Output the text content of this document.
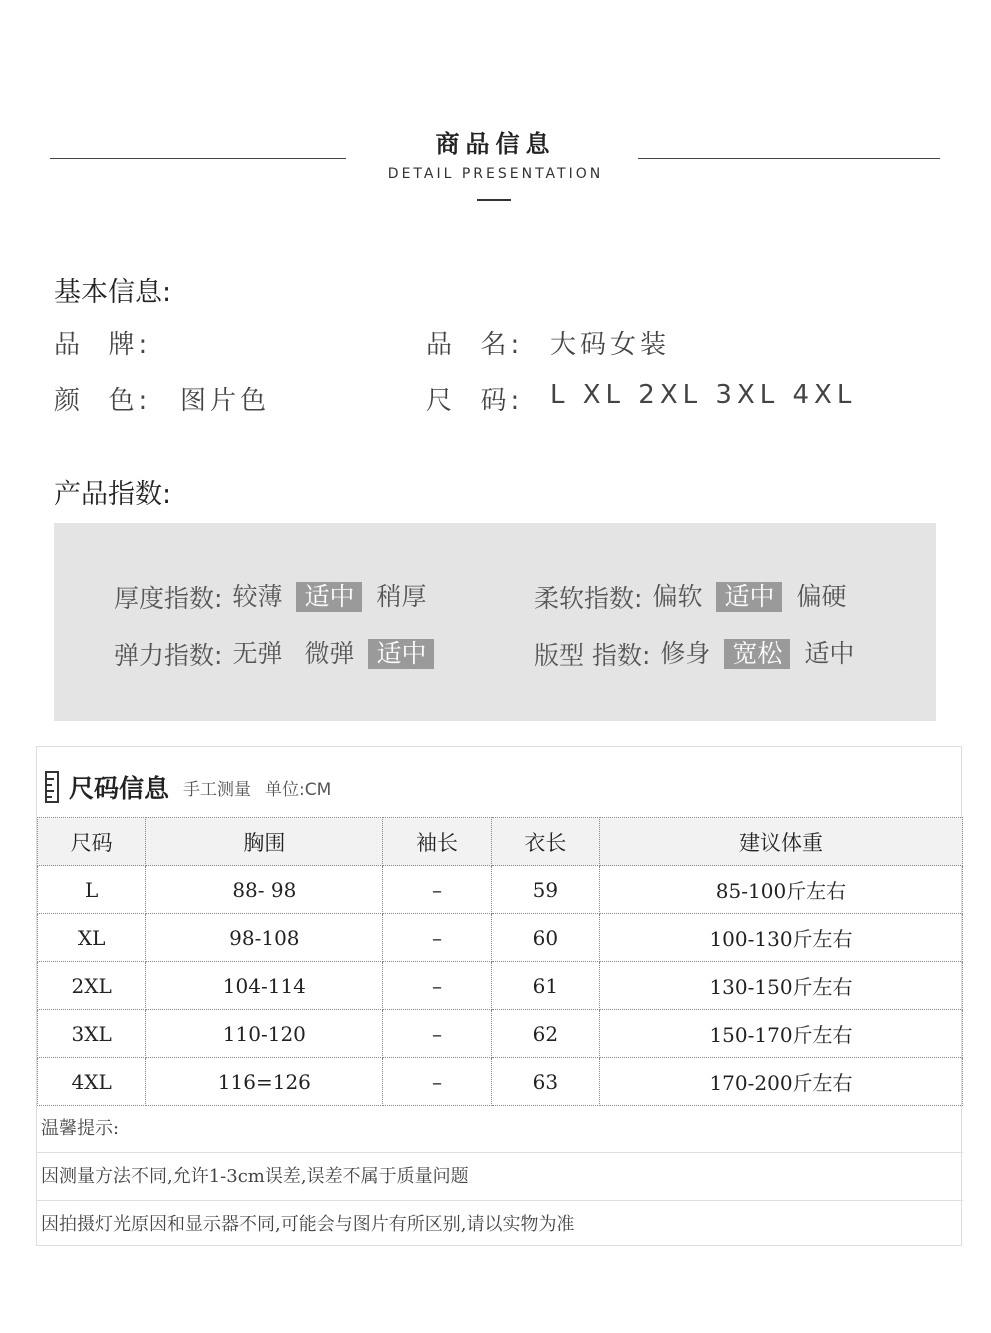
商品信息
DETAIL PRESENTATION
基本信息:
品  牌:	品  名: 大码女装
颜  色: 图片色	尺  码: L XL 2XL 3XL 4XL
产品指数:
厚度指数: 较薄 适中 稍厚	柔软指数: 偏软 适中 偏硬
弹力指数: 无弹 微弹 适中	版型 指数: 修身 宽松 适中
尺码信息 手工测量 单位:CM
尺码	胸围	袖长	衣长	建议体重
L	88- 98	–	59	85-100斤左右
XL	98-108	–	60	100-130斤左右
2XL	104-114	–	61	130-150斤左右
3XL	110-120	–	62	150-170斤左右
4XL	116=126	–	63	170-200斤左右
温馨提示:
因测量方法不同,允许1-3cm误差,误差不属于质量问题
因拍摄灯光原因和显示器不同,可能会与图片有所区别,请以实物为准
